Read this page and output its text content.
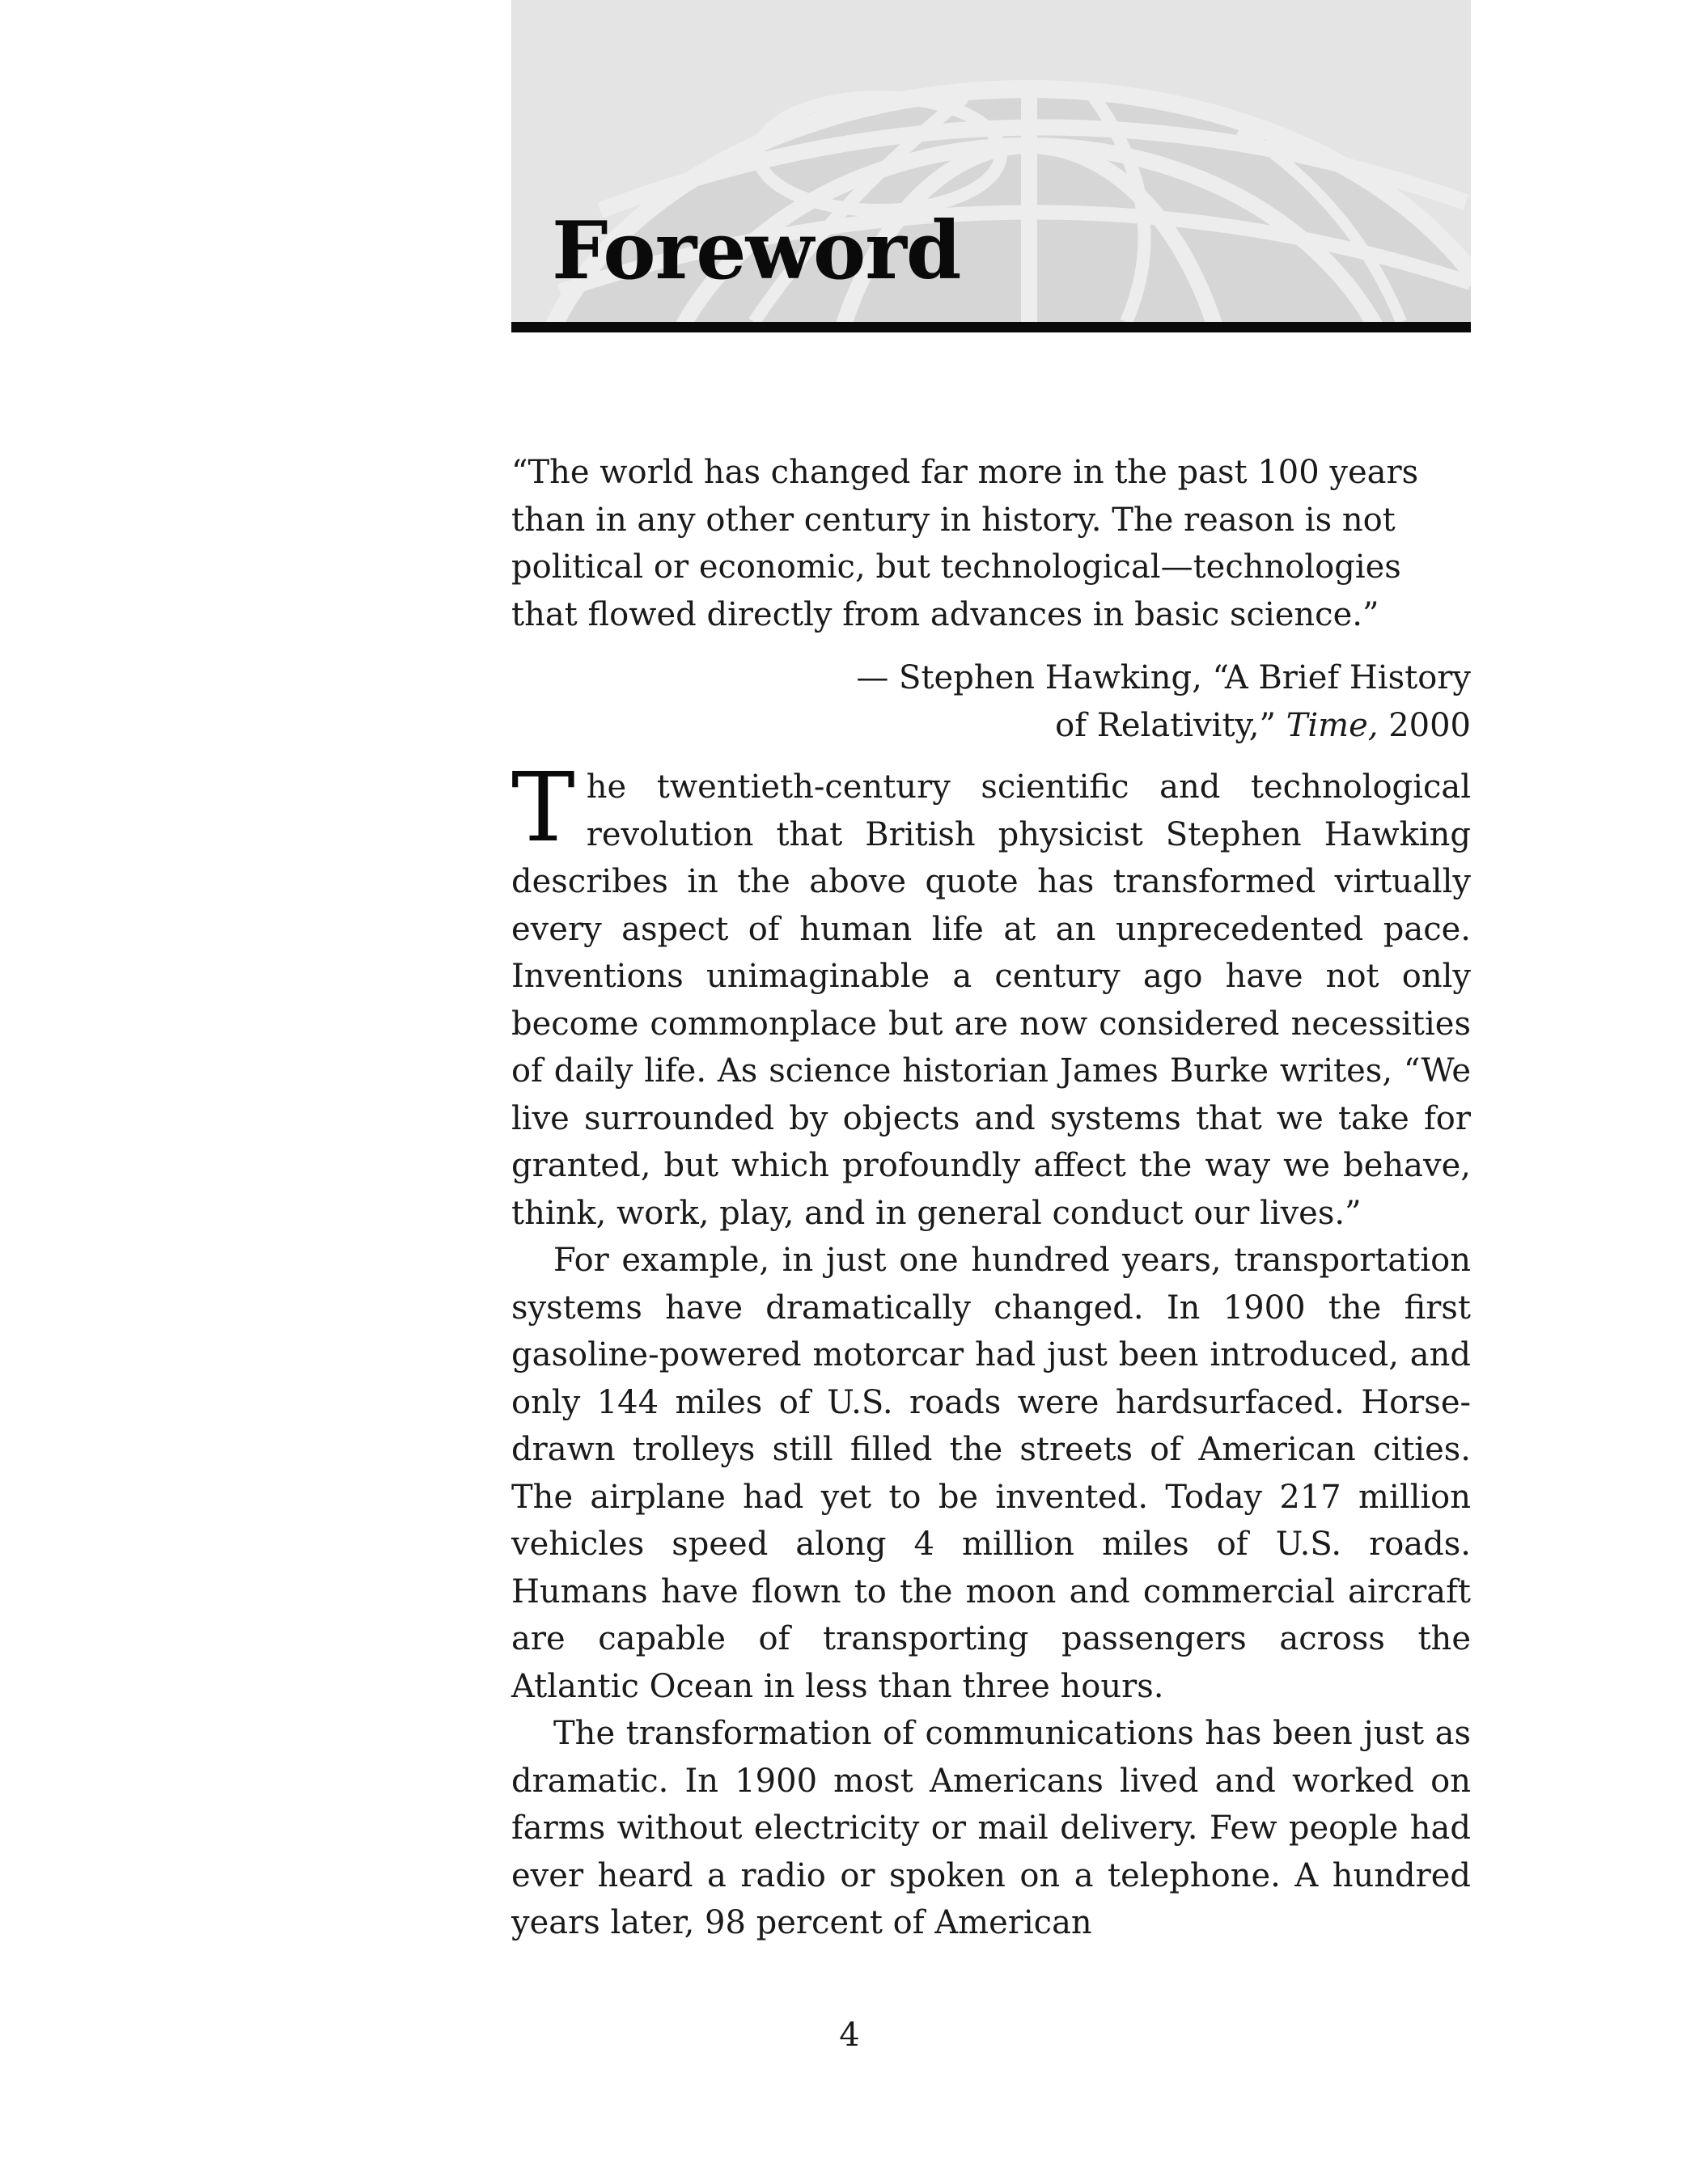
Foreword

“The world has changed far more in the past 100 years than in any other century in history. The reason is not political or economic, but technological—technologies that flowed directly from advances in basic science.”

— Stephen Hawking, “A Brief History
of Relativity,” Time, 2000

The twentieth-century scientific and technological revolution that British physicist Stephen Hawking describes in the above quote has transformed virtually every aspect of human life at an unprecedented pace. Inventions unimaginable a century ago have not only become commonplace but are now considered necessities of daily life. As science historian James Burke writes, “We live surrounded by objects and systems that we take for granted, but which profoundly affect the way we behave, think, work, play, and in general conduct our lives.”

For example, in just one hundred years, transportation systems have dramatically changed. In 1900 the first gasoline-powered motorcar had just been introduced, and only 144 miles of U.S. roads were hardsurfaced. Horse-drawn trolleys still filled the streets of American cities. The airplane had yet to be invented. Today 217 million vehicles speed along 4 million miles of U.S. roads. Humans have flown to the moon and commercial aircraft are capable of transporting passengers across the Atlantic Ocean in less than three hours.

The transformation of communications has been just as dramatic. In 1900 most Americans lived and worked on farms without electricity or mail delivery. Few people had ever heard a radio or spoken on a telephone. A hundred years later, 98 percent of American

4
